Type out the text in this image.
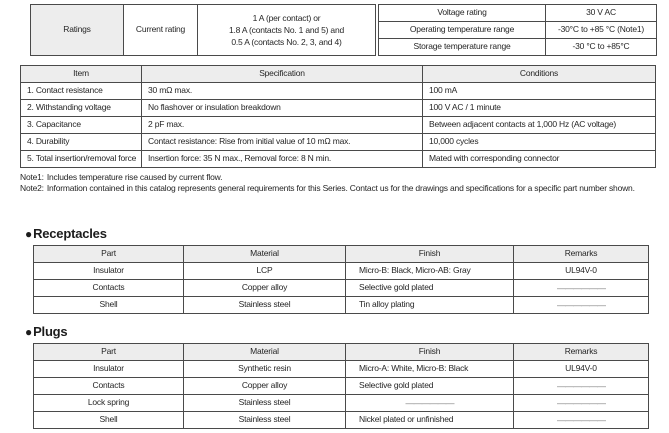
Ratings	Current rating	
1 A (per contact) or
1.8 A (contacts No. 1 and 5) and
0.5 A (contacts No. 2, 3, and 4)
Voltage rating	30 V AC
Operating temperature range	-30°C to +85 °C (Note1)
Storage temperature range	-30 °C to +85°C
Item	Specification	Conditions
1. Contact resistance	30 mΩ max.	100 mA
2. Withstanding voltage	No flashover or insulation breakdown	100 V AC / 1 minute
3. Capacitance	2 pF max.	Between adjacent contacts at 1,000 Hz (AC voltage)
4. Durability	Contact resistance: Rise from initial value of 10 mΩ max.	10,000 cycles
5. Total insertion/removal force	Insertion force: 35 N max., Removal force: 8 N min.	Mated with corresponding connector
Note1: Includes temperature rise caused by current flow.
Note2: Information contained in this catalog represents general requirements for this Series. Contact us for the drawings and specifications for a specific part number shown.
●Receptacles
Part	Material	Finish	Remarks
Insulator	LCP	Micro-B: Black, Micro-AB: Gray	UL94V-0
Contacts	Copper alloy	Selective gold plated	——————
Shell	Stainless steel	Tin alloy plating	——————
●Plugs
Part	Material	Finish	Remarks
Insulator	Synthetic resin	Micro-A: White, Micro-B: Black	UL94V-0
Contacts	Copper alloy	Selective gold plated	——————
Lock spring	Stainless steel	——————	——————
Shell	Stainless steel	Nickel plated or unfinished	——————
